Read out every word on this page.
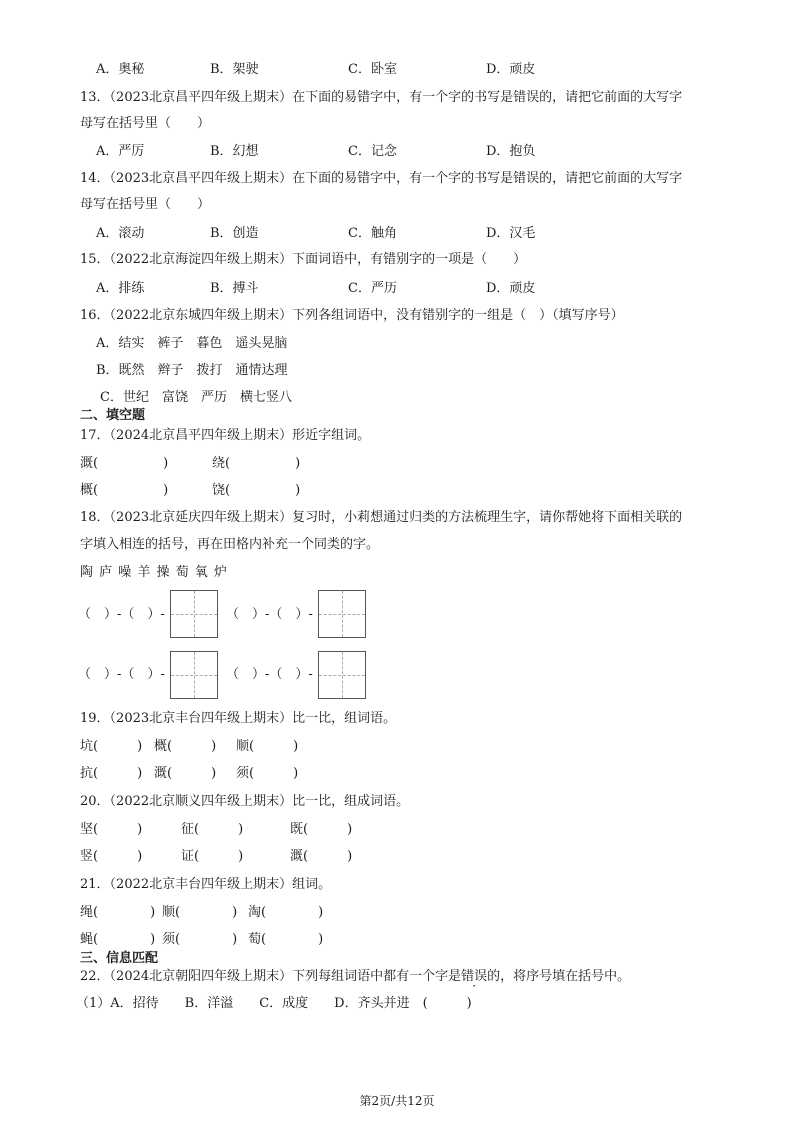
A．奥秘	B．架驶	C．卧室	D．顽皮
13．（2023北京昌平四年级上期末）在下面的易错字中，有一个字的书写是错误的，请把它前面的大写字
母写在括号里（　　）
A．严厉	B．幻想	C．记念	D．抱负
14．（2023北京昌平四年级上期末）在下面的易错字中，有一个字的书写是错误的，请把它前面的大写字
母写在括号里（　　）
A．滚动	B．创造	C．触角	D．汉毛
15．（2022北京海淀四年级上期末）下面词语中，有错别字的一项是（　　）
A．排练	B．搏斗	C．严历	D．顽皮
16．（2022北京东城四年级上期末）下列各组词语中，没有错别字的一组是（　）（填写序号）
A．结实　裤子　暮色　遥头晃脑
B．既然　辫子　拨打　通情达理
C．世纪　富饶　严历　横七竖八
二、填空题
17．（2024北京昌平四年级上期末）形近字组词。
溉(　　　　　)	绕(　　　　　)
概(　　　　　)	饶(　　　　　)
18．（2023北京延庆四年级上期末）复习时，小莉想通过归类的方法梳理生字，请你帮她将下面相关联的
字填入相连的括号，再在田格内补充一个同类的字。
陶 庐 噪 羊 操 萄 氧 炉
（　）-（　）-	（　）-（　）-
（　）-（　）-	（　）-（　）-
19．（2023北京丰台四年级上期末）比一比，组词语。
坑(　　　) 概(　　　) 顺(　　　)
抗(　　　) 溉(　　　) 须(　　　)
20．（2022北京顺义四年级上期末）比一比，组成词语。
坚(　　　)	征(　　　)	既(　　　)
竖(　　　)	证(　　　)	溉(　　　)
21．（2022北京丰台四年级上期末）组词。
绳(　　　　) 顺(　　　　) 淘(　　　　)
蝇(　　　　) 须(　　　　) 萄(　　　　)
三、信息匹配
22．（2024北京朝阳四年级上期末）下列每组词语中都有一个字是错误的，将序号填在括号中。
（1）A．招待　　B．洋溢　　C．成度　　D．齐头并进　(　　　)
第2页/共12页
